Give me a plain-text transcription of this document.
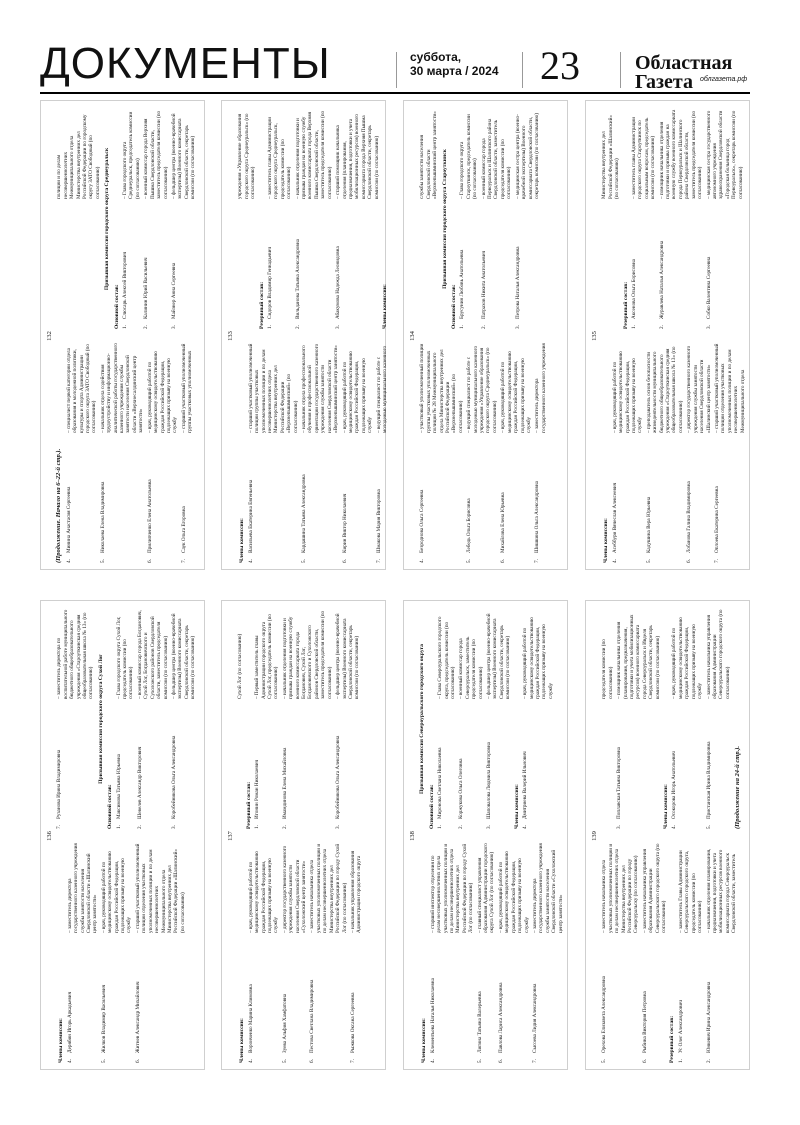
ДОКУМЕНТЫ	суббота,
30 марта / 2024 23	Областная
Газета	облгазета.рф
132
(Продолжение. Начало на 6–22-й стр.). 4.
Минина Анастасия Сергеевна
– специалист первой категории отдела образования и молодежной политики, культуры и спорта Администрации городского округа ЗАТО Свободный (по согласованию)
5.
Николаева Елена Владимировна
– начальник отдела содействия трудоустройству и информационно-аналитической работы государственного казенного учреждения службы занятости населения Свердловской области «Верхнесалдинский центр занятости»
6.
Прилипченко Елена Анатольевна
– врач, руководящий работой по медицинскому освидетельствованию граждан Российской Федерации, подлежащих призыву на военную службу
7.
Саук Ольга Егоровна
– старший участковый уполномоченный группы участковых уполномоченных полиции и по делам несовершеннолетних Межмуниципального отдела Министерства внутренних дел Российской Федерации по городскому округу ЗАТО Свободный (по согласованию) Призывная комиссия городского округа Среднеуральск
Основной состав: 1.
Слюсарь Алексей Викторович
– Глава городского округа Среднеуральск, председатель комиссии (по согласованию)
2.
Калинин Юрий Васильевич
– военный комиссар города Верхняя Пышма Свердловской области, заместитель председателя комиссии (по согласованию)
3.
Майзнер Анна Сергеевна
– фельдшер центра (военно-врачебной экспертизы) Военного комиссариата Свердловской области, секретарь комиссии (по согласованию)
136
Члены комиссии: 4.
Дерябин Игорь Аркадьевич
– заместитель директора государственного казенного учреждения службы занятости населения Свердловской области «Шалинский центр занятости»
5.
Жилков Владимир Васильевич
– врач, руководящий работой по медицинскому освидетельствованию граждан Российской Федерации, подлежащих призыву на военную службу
6.
Житнев Александр Михайлович
– старший участковый уполномоченный полиции отделения участковых уполномоченных полиции и по делам несовершеннолетних Межмуниципального отдела Министерства внутренних дел Российской Федерации «Шалинский» (по согласованию)
7.
Рузанова Ирина Владимировна
– заместитель директора по воспитательной работе муниципального бюджетного общеобразовательного учреждения «Староуткинская средняя общеобразовательная школа № 13» (по согласованию) Призывная комиссия городского округа Сухой Лог
Основной состав: 1.
Максимова Татьяна Юрьевна
– Глава городского округа Сухой Лог, председатель комиссии (по согласованию)
2.
Шевелев Александр Викторович
– военный комиссар города Богданович, Сухой Лог, Богдановичского и Сухоложского районов Свердловской области, заместитель председателя комиссии (по согласованию)
3.
Коробейникова Ольга Александровна
– фельдшер центра (военно-врачебной экспертизы) Военного комиссариата Свердловской области, секретарь комиссии (по согласованию)
133
Члены комиссии: 4.
Васильева Екатерина Евгеньевна
– старший участковый уполномоченный полиции группы участковых уполномоченных полиции и по делам несовершеннолетних отдела Министерства внутренних дел Российской Федерации «Верхнепышминский» (по согласованию)
5.
Кардашина Татьяна Александровна
– начальник отдела профессионального обучения и профессиональной ориентации государственного казенного учреждения службы занятости населения Свердловской области «Верхнепышминский центр занятости»
6.
Кирин Виктор Николаевич
– врач, руководящий работой по медицинскому освидетельствованию граждан Российской Федерации, подлежащих призыву на военную службу
7.
Шмакова Мария Викторовна
– ведущий специалист по работе с молодежью муниципального казенного учреждения «Управление образования городского округа Среднеуральск» (по согласованию)
Резервный состав: 1.
Сидоров Владимир Геннадьевич
– заместитель главы Администрации городского округа Среднеуральск, председатель комиссии (по согласованию)
2.
Вильданова Татьяна Александровна
– начальник отделения подготовки и призыва граждан на военную службу военного комиссариата города Верхняя Пышма Свердловской области, заместитель председателя комиссии (по согласованию)
3.
Абакумова Надежда Леонидовна
– старший помощник начальника отделения (планирования, предназначения, подготовки и учета мобилизационных ресурсов) военного комиссариата города Верхняя Пышма Свердловской области, секретарь комиссии (по согласованию)
Члены комиссии:
137
Члены комиссии: 4.
Воронченко Марина Климовна
– врач, руководящий работой по медицинскому освидетельствованию граждан Российской Федерации, подлежащих призыву на военную службу
5.
Зуева Альфия Хамфатовна
– директор государственного казенного учреждения службы занятости населения Свердловской области «Сухоложский центр занятости»
6.
Пестова Светлана Владимировна
– заместитель начальника отдела участковых уполномоченных полиции и по делам несовершеннолетних отдела Министерства внутренних дел Российской Федерации по городу Сухой Лог (по согласованию)
7.
Рыжкова Оксана Сергеевна
– начальник управления образования Администрации городского округа Сухой Лог (по согласованию)
Резервный состав: 1.
Игонин Роман Николаевич
– Первый заместитель главы Администрации городского округа Сухой Лог, председатель комиссии (по согласованию)
2.
Имамдинова Елена Михайловна
– начальник отделения подготовки и призыва граждан на военную службу военного комиссариата города Богданович, Сухой Лог, Богдановичского и Сухоложского районов Свердловской области, заместитель председателя комиссии (по согласованию)
3.
Коробейникова Ольга Александровна
– фельдшер центра (военно-врачебной экспертизы) Военного комиссариата Свердловской области, секретарь комиссии (по согласованию)
134
4.
Безроднова Ольга Сергеевна
– участковый уполномоченный полиции группы участковых уполномоченных полиции № 28 Межмуниципального отдела Министерства внутренних дел Российской Федерации «Верхнепышминский» (по согласованию)
5.
Лебедь Ольга Борисовна
– ведущий специалист по работе с молодежью муниципального казенного учреждения «Управление образования городского округа Среднеуральск» (по согласованию)
6.
Михайлова Елена Юрьевна
– врач, руководящий работой по медицинскому освидетельствованию граждан Российской Федерации, подлежащих призыву на военную службу
7.
Шишкина Ольга Александровна
– заместитель директора государственного казенного учреждения службы занятости населения Свердловской области «Верхнепышминский центр занятости» Призывная комиссия городского округа Староуткинск
Основной состав: 1.
Брусунин Любовь Анатольевна
– Глава городского округа Староуткинск, председатель комиссии (по согласованию)
2.
Патрахов Никита Анатольевич
– военный комиссар города Первоуральск и Шалинского района Свердловской области, заместитель председателя комиссии (по согласованию)
3.
Петрова Наталья Александровна
– медицинская сестра центра (военно-врачебной экспертизы) Военного комиссариата Свердловской области, секретарь комиссии (по согласованию)
138
Члены комиссии: 4.
Клементьева Наталья Николаевна
– старший инспектор отделения по делам несовершеннолетних отдела участковых уполномоченных полиции и по делам несовершеннолетних отдела Министерства внутренних дел Российской Федерации по городу Сухой Лог (по согласованию)
5.
Лигина Татьяна Валерьевна
– главный специалист управления образования Администрации городского округа Сухой Лог (по согласованию)
6.
Павлова Лариса Александровна
– врач, руководящий работой по медицинскому освидетельствованию граждан Российской Федерации, подлежащих призыву на военную службу
7.
Сысоева Лидия Александровна
– заместитель директора государственного казенного учреждения службы занятости населения Свердловской области «Сухоложский центр занятости»
Призывная комиссия Североуральского городского округа
Основной состав: 1.
Миронова Светлана Николаевна
– Глава Североуральского городского округа, председатель комиссии (по согласованию)
2.
Коржукова Ольга Олеговна
– военный комиссар города Североуральск, заместитель председателя комиссии (по согласованию)
3.
Шаповалова Людмила Викторовна
– фельдшер центра (военно-врачебной экспертизы) Военного комиссариата Свердловской области, секретарь комиссии (по согласованию)
Члены комиссии: 4.
Дмитриева Валерий Ильнович
– врач, руководящий работой по медицинскому освидетельствованию граждан Российской Федерации, подлежащих призыву на военную службу
135
Члены комиссии: 4.
Асеббури Вячеслав Алексеевич
– врач, руководящий работой по медицинскому освидетельствованию граждан Российской Федерации, подлежащих призыву на военную службу
5.
Кадушина Вера Юрьевна
– преподаватель основ безопасности жизнедеятельности муниципального бюджетного общеобразовательного учреждения «Староуткинская средняя общеобразовательная школа № 13» (по согласованию)
6.
Лобанова Галина Владимировна
– директор государственного казенного учреждения службы занятости населения Свердловской области «Шалинский центр занятости»
7.
Оплоева Екатерина Сергеевна
– старший участковый уполномоченный полиции отделения участковых уполномоченных полиции и по делам несовершеннолетних Межмуниципального отдела Министерства внутренних дел Российской Федерации «Шалинский» (по согласованию)
Резервный состав: 1.
Аксенова Ольга Борисовна
– заместитель главы Администрации городского округа Староуткинск по социальным вопросам, председатель комиссии (по согласованию)
2.
Журавлева Наталья Александровна
– помощник начальника отделения подготовки и призыва граждан на военную службу военного комиссариата города Первоуральск и Шалинского района Свердловской области, заместитель председателя комиссии (по согласованию)
3.
Собко Валентина Сергеевна
– медицинская сестра государственного автономного учреждения здравоохранения Свердловской области «Городская больница город Первоуральск», секретарь комиссии (по согласованию)
139
5.
Орехова Елизавета Александровна
– заместитель начальника отдела участковых уполномоченных полиции и по делам несовершеннолетних отдела Министерства внутренних дел Российской Федерации по городу Североуральску (по согласованию)
6.
Рыбина Виктория Петровна
– заместитель начальника управления образования Администрации Североуральского городского округа (по согласованию)
Резервный состав: 1.
Ус Олег Александрович
– заместитель Главы Администрации Североуральского городского округа, председатель комиссии (по согласованию)
2.
Юнкевич Ирина Александровна
– начальник отделения планирования, предназначения, подготовки и учета мобилизационных ресурсов военного комиссариата города Североуральск Свердловской области, заместитель председателя комиссии (по согласованию)
3.
Поплавская Татьяна Викторовна
– помощник начальника отделения (планирования, предназначения, подготовки и учета мобилизационных ресурсов) военного комиссариата города Североуральск и Ивделя Свердловской области, секретарь комиссии (по согласованию)
Члены комиссии: 4.
Осокорова Игорь Анатольевич
– врач, руководящий работой по медицинскому освидетельствованию граждан Российской Федерации, подлежащих призыву на военную службу
5.
Пристанская Ирина Владимировна
– заместитель начальника управления образования Администрации Североуральского городского округа (по согласованию)
(Продолжение на 24-й стр.).
